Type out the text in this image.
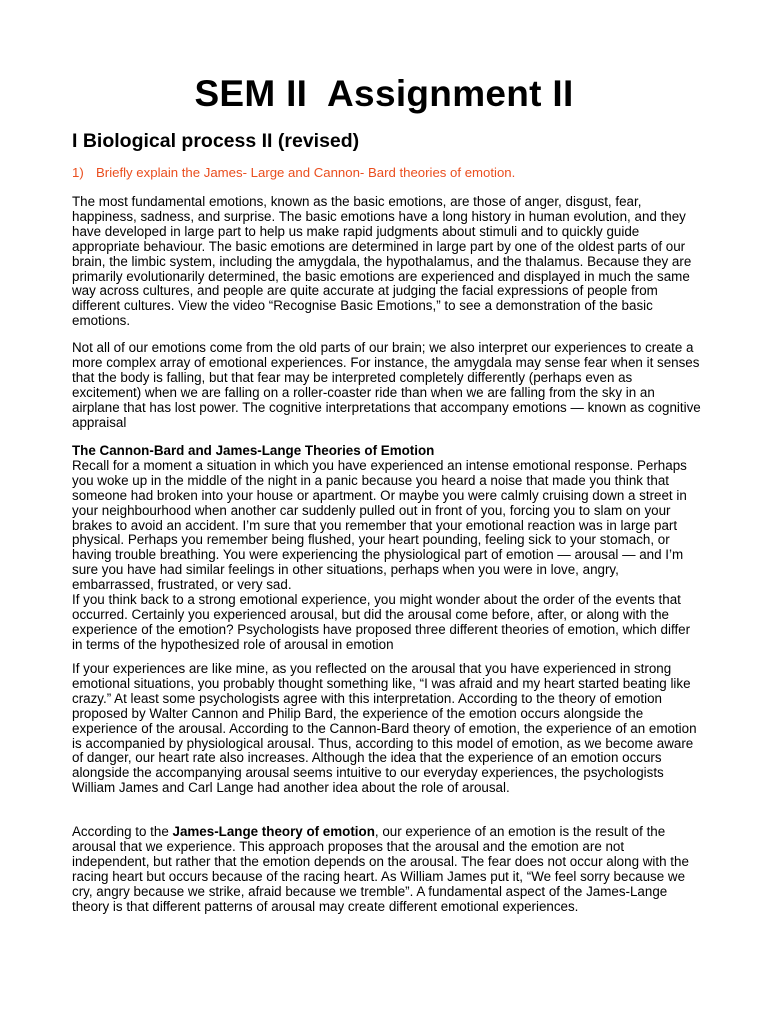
SEM II  Assignment II
I Biological process II (revised)

1) Briefly explain the James- Large and Cannon- Bard theories of emotion.

The most fundamental emotions, known as the basic emotions, are those of anger, disgust, fear, happiness, sadness, and surprise. The basic emotions have a long history in human evolution, and they have developed in large part to help us make rapid judgments about stimuli and to quickly guide appropriate behaviour. The basic emotions are determined in large part by one of the oldest parts of our brain, the limbic system, including the amygdala, the hypothalamus, and the thalamus. Because they are primarily evolutionarily determined, the basic emotions are experienced and displayed in much the same way across cultures, and people are quite accurate at judging the facial expressions of people from different cultures. View the video “Recognise Basic Emotions,” to see a demonstration of the basic emotions.

Not all of our emotions come from the old parts of our brain; we also interpret our experiences to create a more complex array of emotional experiences. For instance, the amygdala may sense fear when it senses that the body is falling, but that fear may be interpreted completely differently (perhaps even as excitement) when we are falling on a roller-coaster ride than when we are falling from the sky in an airplane that has lost power. The cognitive interpretations that accompany emotions — known as cognitive appraisal

The Cannon-Bard and James-Lange Theories of Emotion
Recall for a moment a situation in which you have experienced an intense emotional response. Perhaps you woke up in the middle of the night in a panic because you heard a noise that made you think that someone had broken into your house or apartment. Or maybe you were calmly cruising down a street in your neighbourhood when another car suddenly pulled out in front of you, forcing you to slam on your brakes to avoid an accident. I’m sure that you remember that your emotional reaction was in large part physical. Perhaps you remember being flushed, your heart pounding, feeling sick to your stomach, or having trouble breathing. You were experiencing the physiological part of emotion — arousal — and I’m sure you have had similar feelings in other situations, perhaps when you were in love, angry, embarrassed, frustrated, or very sad.
If you think back to a strong emotional experience, you might wonder about the order of the events that occurred. Certainly you experienced arousal, but did the arousal come before, after, or along with the experience of the emotion? Psychologists have proposed three different theories of emotion, which differ in terms of the hypothesized role of arousal in emotion

If your experiences are like mine, as you reflected on the arousal that you have experienced in strong emotional situations, you probably thought something like, “I was afraid and my heart started beating like crazy.” At least some psychologists agree with this interpretation. According to the theory of emotion proposed by Walter Cannon and Philip Bard, the experience of the emotion occurs alongside the experience of the arousal. According to the Cannon-Bard theory of emotion, the experience of an emotion is accompanied by physiological arousal. Thus, according to this model of emotion, as we become aware of danger, our heart rate also increases. Although the idea that the experience of an emotion occurs alongside the accompanying arousal seems intuitive to our everyday experiences, the psychologists William James and Carl Lange had another idea about the role of arousal.

According to the James-Lange theory of emotion, our experience of an emotion is the result of the arousal that we experience. This approach proposes that the arousal and the emotion are not independent, but rather that the emotion depends on the arousal. The fear does not occur along with the racing heart but occurs because of the racing heart. As William James put it, “We feel sorry because we cry, angry because we strike, afraid because we tremble”. A fundamental aspect of the James-Lange theory is that different patterns of arousal may create different emotional experiences.
